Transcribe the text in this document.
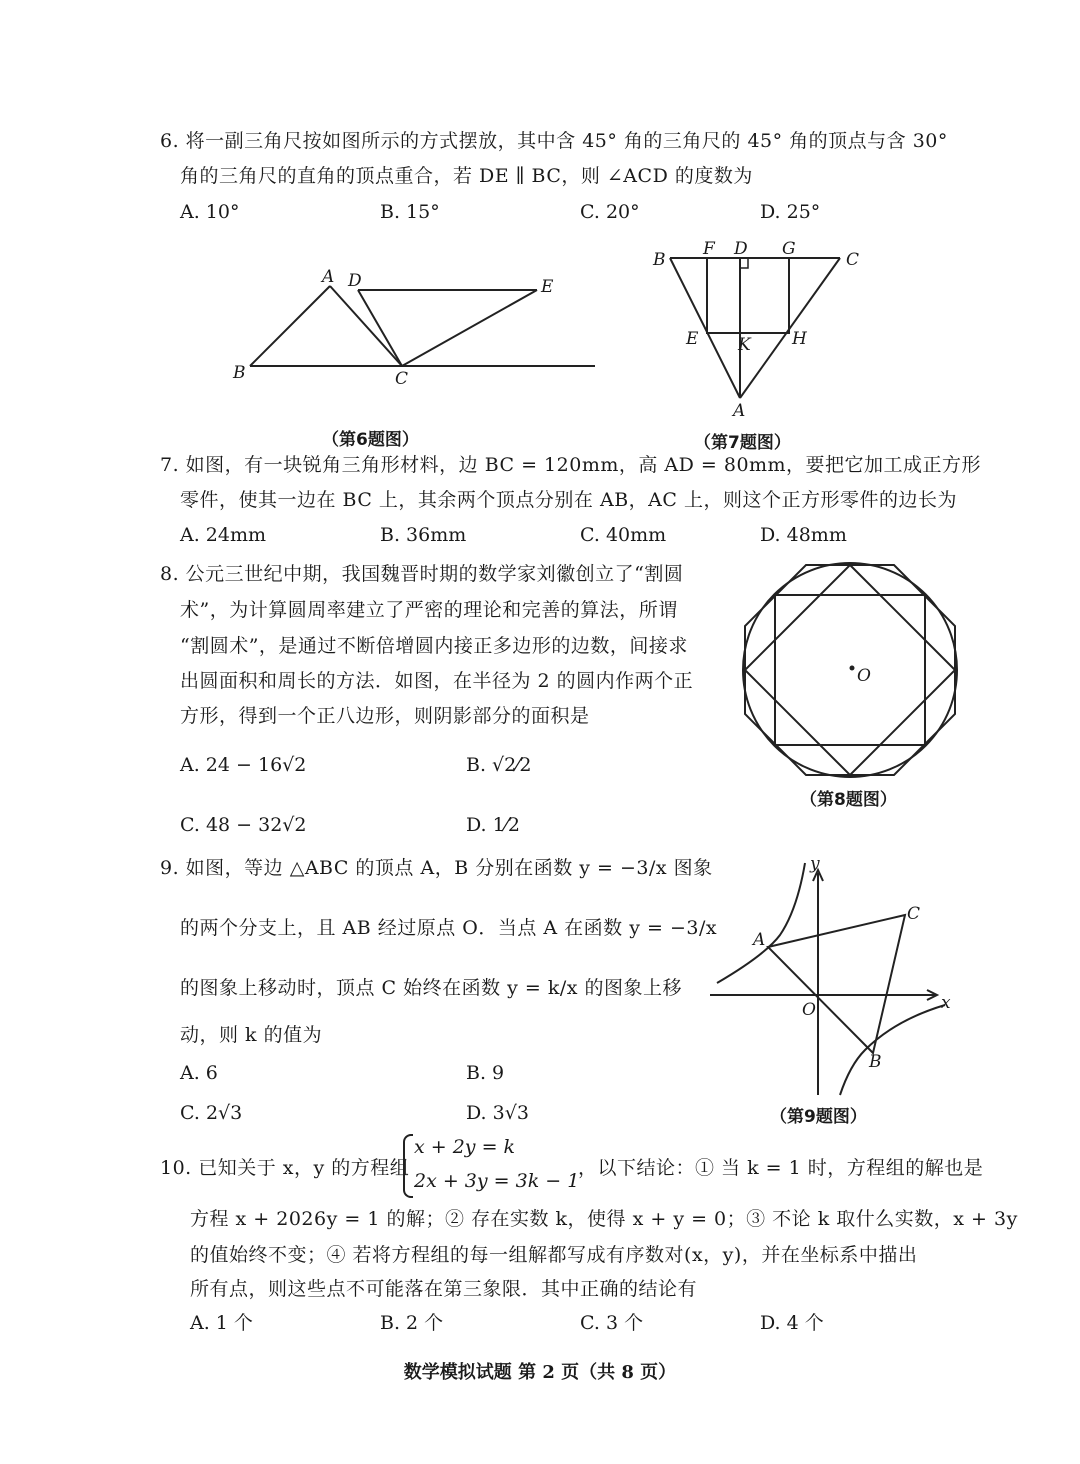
6. 将一副三角尺按如图所示的方式摆放，其中含 45° 角的三角尺的 45° 角的顶点与含 30°
角的三角尺的直角的顶点重合，若 DE ∥ BC，则 ∠ACD 的度数为
A. 10°	B. 15°	C. 20°	D. 25°
A D	E
B	C
（第6题图）
B
F D G
C
E K H
A
（第7题图）
7. 如图，有一块锐角三角形材料，边 BC = 120mm，高 AD = 80mm，要把它加工成正方形
零件，使其一边在 BC 上，其余两个顶点分别在 AB，AC 上，则这个正方形零件的边长为
A. 24mm	B. 36mm	C. 40mm	D. 48mm
8. 公元三世纪中期，我国魏晋时期的数学家刘徽创立了“割圆
术”，为计算圆周率建立了严密的理论和完善的算法，所谓
“割圆术”，是通过不断倍增圆内接正多边形的边数，间接求
出圆面积和周长的方法．如图，在半径为 2 的圆内作两个正
方形，得到一个正八边形，则阴影部分的面积是
A. 24 − 16√2	B. √2⁄2
C. 48 − 32√2	D. 1⁄2
O
（第8题图）
9. 如图，等边 △ABC 的顶点 A，B 分别在函数 y = −3/x 图象
的两个分支上，且 AB 经过原点 O．当点 A 在函数 y = −3/x
的图象上移动时，顶点 C 始终在函数 y = k/x 的图象上移
动，则 k 的值为
A. 6	B. 9
C. 2√3	D. 3√3
y
x
O
A
B
C
（第9题图）
10. 已知关于 x，y 的方程组
x + 2y = k
2x + 3y = 3k − 1
，以下结论：① 当 k = 1 时，方程组的解也是
方程 x + 2026y = 1 的解；② 存在实数 k，使得 x + y = 0；③ 不论 k 取什么实数，x + 3y
的值始终不变；④ 若将方程组的每一组解都写成有序数对(x，y)，并在坐标系中描出
所有点，则这些点不可能落在第三象限．其中正确的结论有
A. 1 个	B. 2 个	C. 3 个	D. 4 个
数学模拟试题 第 2 页（共 8 页）
